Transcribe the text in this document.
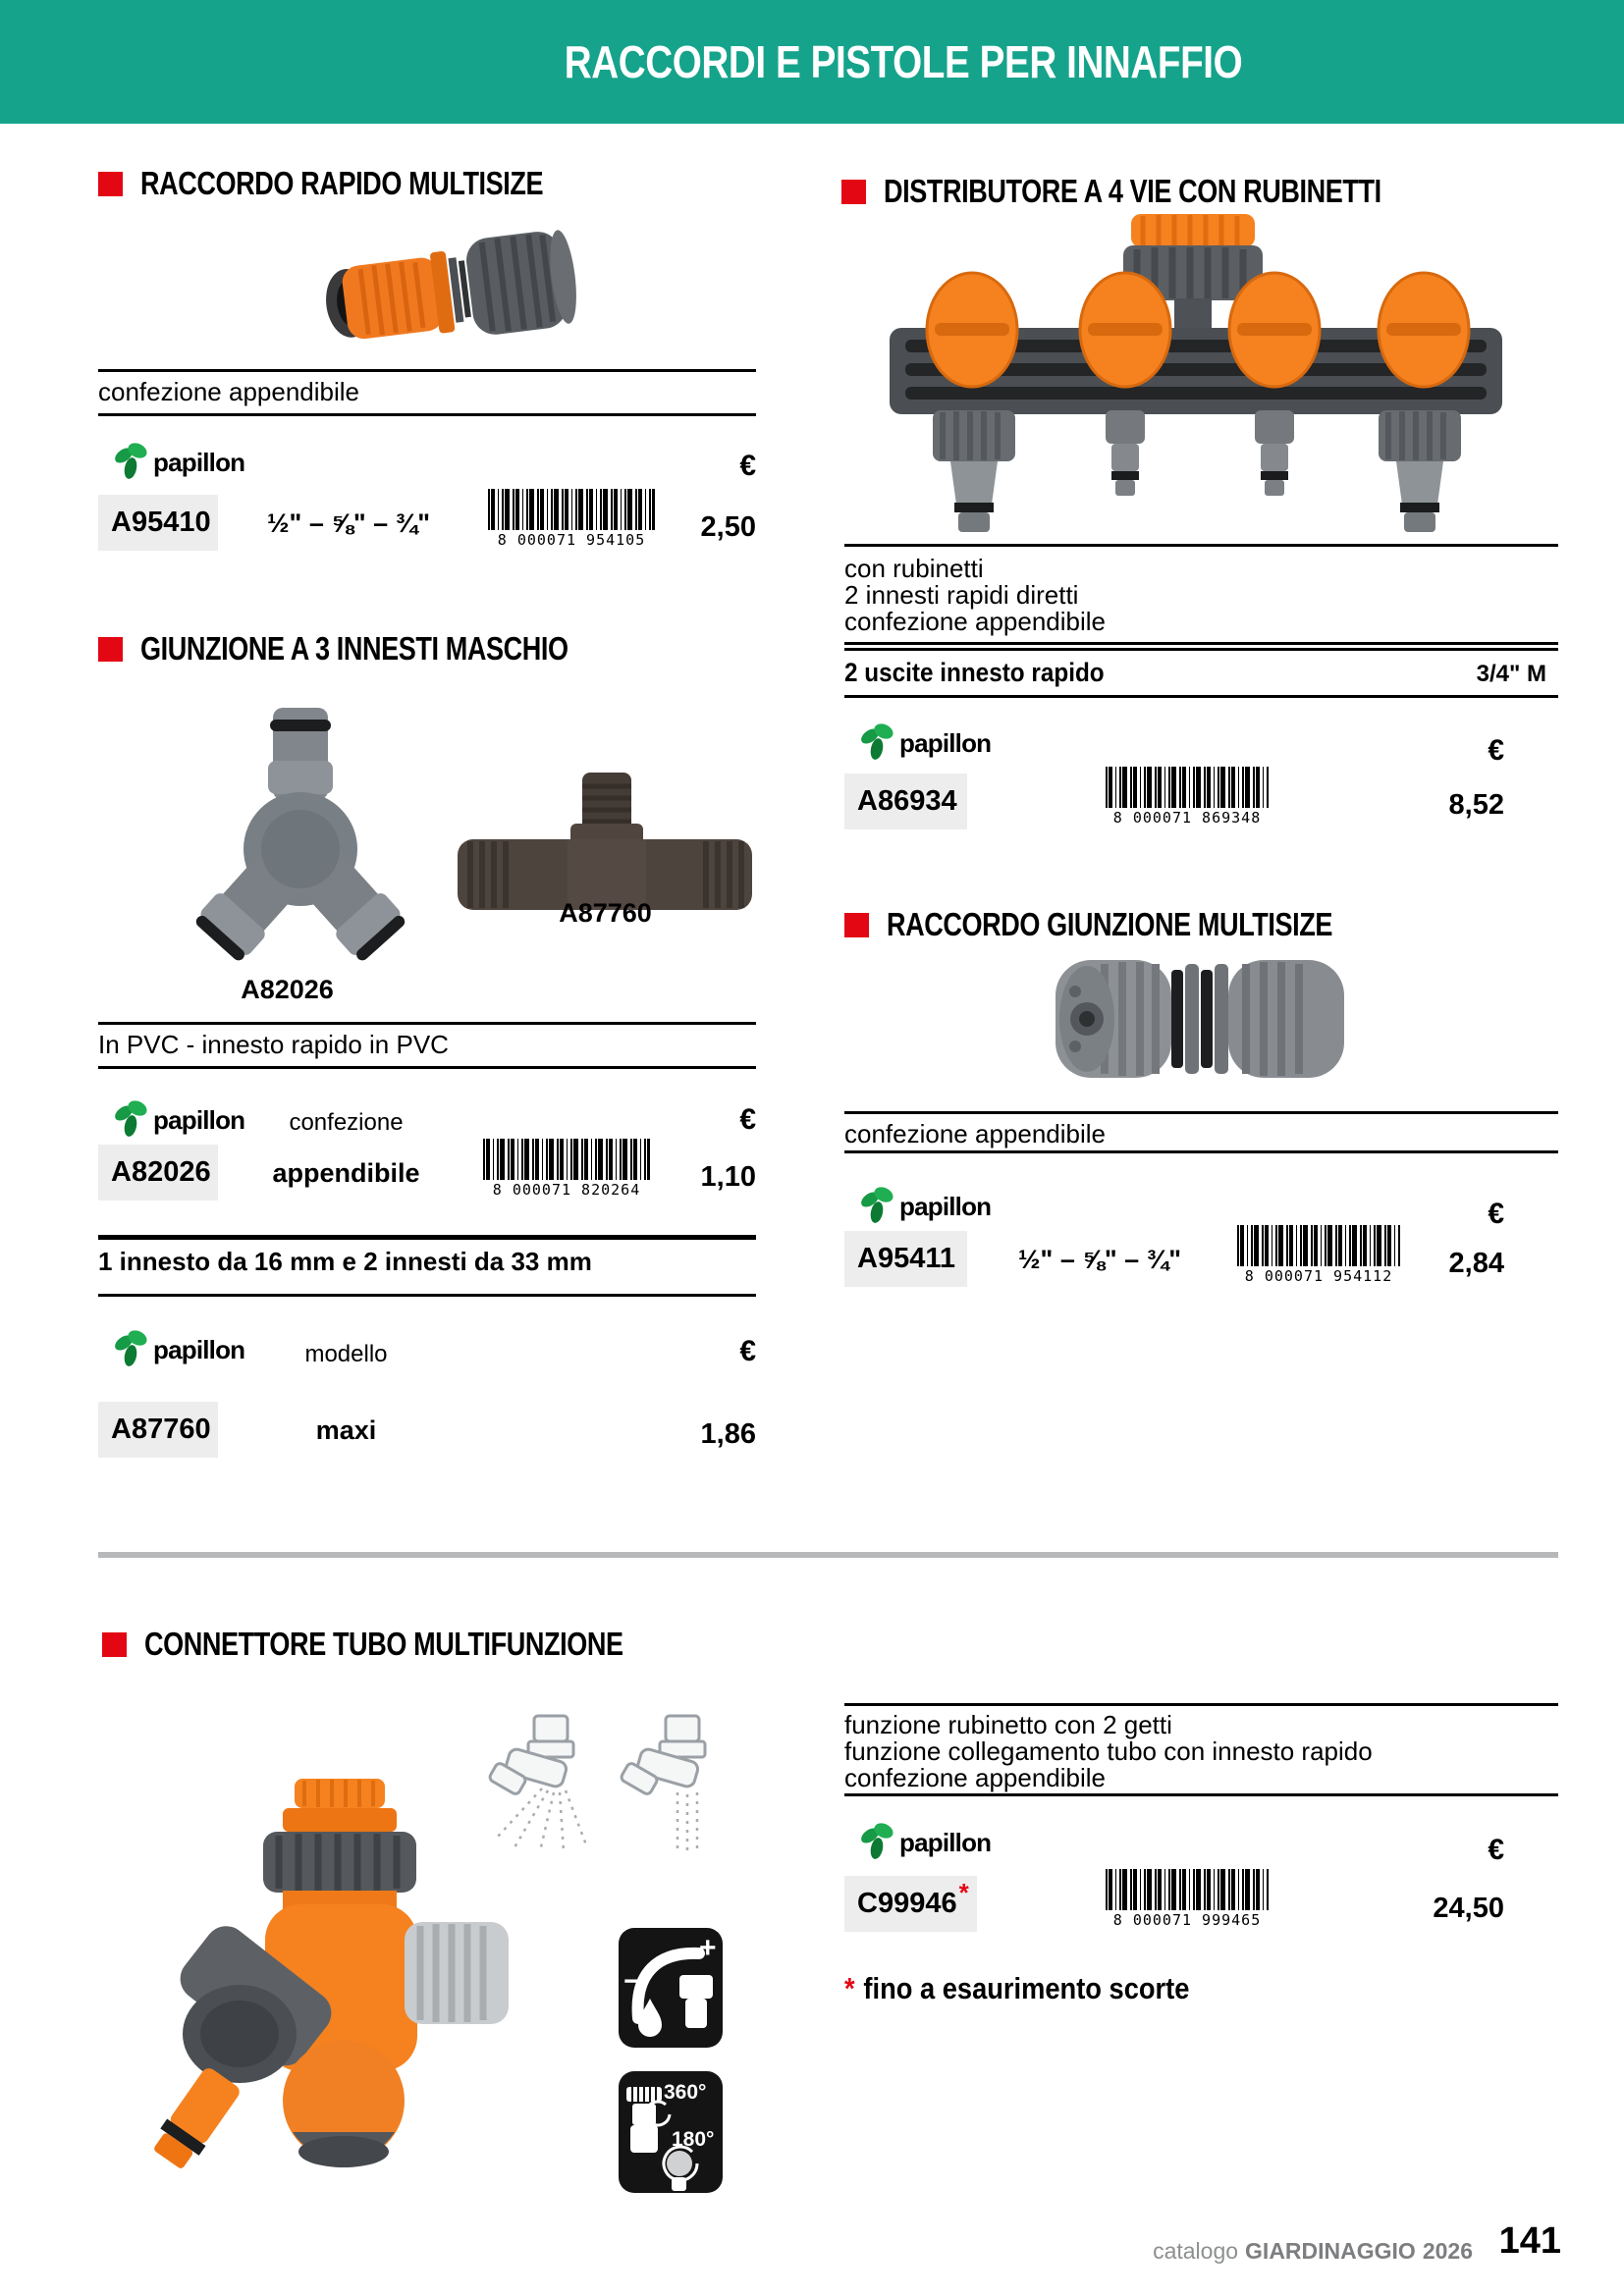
RACCORDI E PISTOLE PER INNAFFIO
RACCORDO RAPIDO MULTISIZE
confezione appendibile
papillon	€
A95410	½" – ⅝" – ¾"
8 000071 954105	2,50
GIUNZIONE A 3 INNESTI MASCHIO
A87760
A82026
In PVC - innesto rapido in PVC
papillon	confezione	€
A82026	appendibile
8 000071 820264	1,10
1 innesto da 16 mm e 2 innesti da 33 mm
papillon	modello	€
A87760	maxi	1,86
CONNETTORE TUBO MULTIFUNZIONE
+
−
360°
180°
DISTRIBUTORE A 4 VIE CON RUBINETTI
con rubinetti
2 innesti rapidi diretti
confezione appendibile
2 uscite innesto rapido	3/4" M
papillon	€
A86934
8 000071 869348	8,52
RACCORDO GIUNZIONE MULTISIZE
confezione appendibile
papillon	€
A95411	½" – ⅝" – ¾"
8 000071 954112	2,84
funzione rubinetto con 2 getti
funzione collegamento tubo con innesto rapido
confezione appendibile
papillon	€
C99946 *
8 000071 999465	24,50
* fino a esaurimento scorte
catalogo GIARDINAGGIO 2026 141
